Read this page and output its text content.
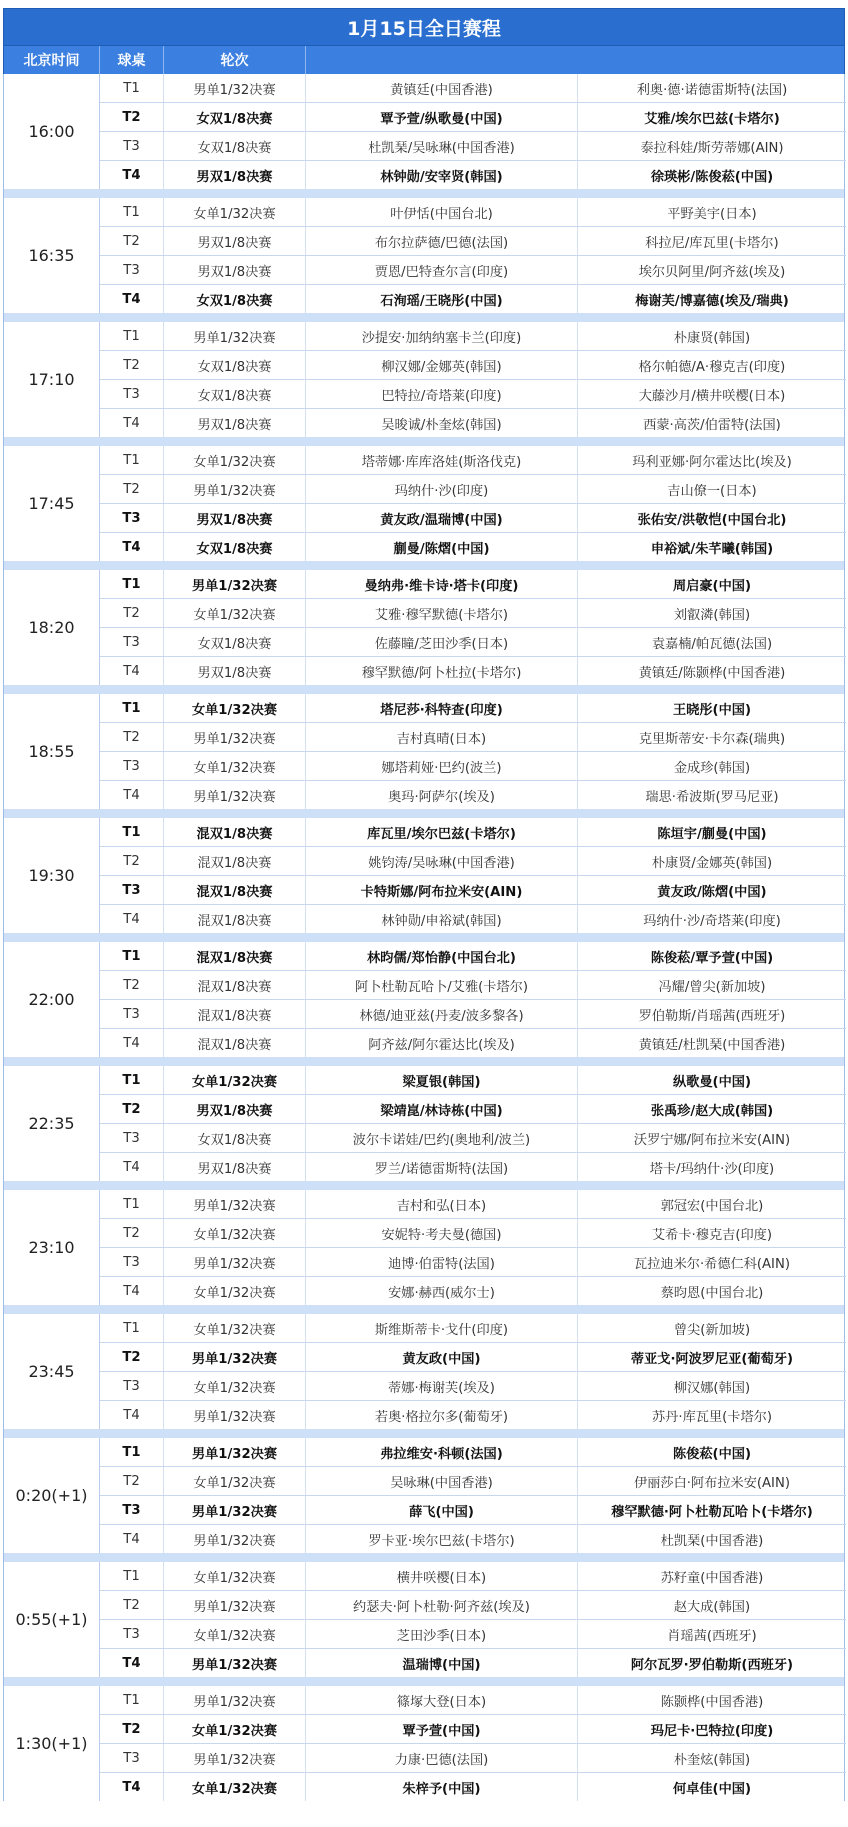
1月15日全日赛程
北京时间	球桌	轮次
16:00
T1	男单1/32决赛	黄镇廷(中国香港)	利奥·德·诺德雷斯特(法国)
T2	女双1/8决赛	覃予萱/纵歌曼(中国)	艾雅/埃尔巴兹(卡塔尔)
T3	女双1/8决赛	杜凯琹/吴咏琳(中国香港)	泰拉科娃/斯劳蒂娜(AIN)
T4	男双1/8决赛	林钟勋/安宰贤(韩国)	徐瑛彬/陈俊菘(中国)
16:35
T1	女单1/32决赛	叶伊恬(中国台北)	平野美宇(日本)
T2	男双1/8决赛	布尔拉萨德/巴德(法国)	科拉尼/库瓦里(卡塔尔)
T3	男双1/8决赛	贾恩/巴特查尔言(印度)	埃尔贝阿里/阿齐兹(埃及)
T4	女双1/8决赛	石洵瑶/王晓彤(中国)	梅谢芙/博嘉德(埃及/瑞典)
17:10
T1	男单1/32决赛	沙提安·加纳纳塞卡兰(印度)	朴康贤(韩国)
T2	女双1/8决赛	柳汉娜/金娜英(韩国)	格尔帕德/A·穆克吉(印度)
T3	女双1/8决赛	巴特拉/奇塔莱(印度)	大藤沙月/横井咲樱(日本)
T4	男双1/8决赛	吴晙诚/朴奎炫(韩国)	西蒙·高茨/伯雷特(法国)
17:45
T1	女单1/32决赛	塔蒂娜·库库洛娃(斯洛伐克)	玛利亚娜·阿尔霍达比(埃及)
T2	男单1/32决赛	玛纳什·沙(印度)	吉山僚一(日本)
T3	男双1/8决赛	黄友政/温瑞博(中国)	张佑安/洪敬恺(中国台北)
T4	女双1/8决赛	蒯曼/陈熠(中国)	申裕斌/朱芊曦(韩国)
18:20
T1	男单1/32决赛	曼纳弗·维卡诗·塔卡(印度)	周启豪(中国)
T2	女单1/32决赛	艾雅·穆罕默德(卡塔尔)	刘叡潾(韩国)
T3	女双1/8决赛	佐藤瞳/芝田沙季(日本)	袁嘉楠/帕瓦德(法国)
T4	男双1/8决赛	穆罕默德/阿卜杜拉(卡塔尔)	黄镇廷/陈颢桦(中国香港)
18:55
T1	女单1/32决赛	塔尼莎·科特查(印度)	王晓彤(中国)
T2	男单1/32决赛	吉村真晴(日本)	克里斯蒂安·卡尔森(瑞典)
T3	女单1/32决赛	娜塔莉娅·巴约(波兰)	金成珍(韩国)
T4	男单1/32决赛	奥玛·阿萨尔(埃及)	瑞思·希波斯(罗马尼亚)
19:30
T1	混双1/8决赛	库瓦里/埃尔巴兹(卡塔尔)	陈垣宇/蒯曼(中国)
T2	混双1/8决赛	姚钧涛/吴咏琳(中国香港)	朴康贤/金娜英(韩国)
T3	混双1/8决赛	卡特斯娜/阿布拉米安(AIN)	黄友政/陈熠(中国)
T4	混双1/8决赛	林钟勋/申裕斌(韩国)	玛纳什·沙/奇塔莱(印度)
22:00
T1	混双1/8决赛	林昀儒/郑怡静(中国台北)	陈俊菘/覃予萱(中国)
T2	混双1/8决赛	阿卜杜勒瓦哈卜/艾雅(卡塔尔)	冯耀/曾尖(新加坡)
T3	混双1/8决赛	林德/迪亚兹(丹麦/波多黎各)	罗伯勒斯/肖瑶茜(西班牙)
T4	混双1/8决赛	阿齐兹/阿尔霍达比(埃及)	黄镇廷/杜凯琹(中国香港)
22:35
T1	女单1/32决赛	梁夏银(韩国)	纵歌曼(中国)
T2	男双1/8决赛	梁靖崑/林诗栋(中国)	张禹珍/赵大成(韩国)
T3	女双1/8决赛	波尔卡诺娃/巴约(奥地利/波兰)	沃罗宁娜/阿布拉米安(AIN)
T4	男双1/8决赛	罗兰/诺德雷斯特(法国)	塔卡/玛纳什·沙(印度)
23:10
T1	男单1/32决赛	吉村和弘(日本)	郭冠宏(中国台北)
T2	女单1/32决赛	安妮特·考夫曼(德国)	艾希卡·穆克吉(印度)
T3	男单1/32决赛	迪博·伯雷特(法国)	瓦拉迪米尔·希德仁科(AIN)
T4	女单1/32决赛	安娜·赫西(威尔士)	蔡昀恩(中国台北)
23:45
T1	女单1/32决赛	斯维斯蒂卡·戈什(印度)	曾尖(新加坡)
T2	男单1/32决赛	黄友政(中国)	蒂亚戈·阿波罗尼亚(葡萄牙)
T3	女单1/32决赛	蒂娜·梅谢芙(埃及)	柳汉娜(韩国)
T4	男单1/32决赛	若奥·格拉尔多(葡萄牙)	苏丹·库瓦里(卡塔尔)
0:20(+1)
T1	男单1/32决赛	弗拉维安·科顿(法国)	陈俊菘(中国)
T2	女单1/32决赛	吴咏琳(中国香港)	伊丽莎白·阿布拉米安(AIN)
T3	男单1/32决赛	薛飞(中国)	穆罕默德·阿卜杜勒瓦哈卜(卡塔尔)
T4	男单1/32决赛	罗卡亚·埃尔巴兹(卡塔尔)	杜凯琹(中国香港)
0:55(+1)
T1	女单1/32决赛	横井咲樱(日本)	苏籽童(中国香港)
T2	男单1/32决赛	约瑟夫·阿卜杜勒·阿齐兹(埃及)	赵大成(韩国)
T3	女单1/32决赛	芝田沙季(日本)	肖瑶茜(西班牙)
T4	男单1/32决赛	温瑞博(中国)	阿尔瓦罗·罗伯勒斯(西班牙)
1:30(+1)
T1	男单1/32决赛	篠塚大登(日本)	陈颢桦(中国香港)
T2	女单1/32决赛	覃予萱(中国)	玛尼卡·巴特拉(印度)
T3	男单1/32决赛	力康·巴德(法国)	朴奎炫(韩国)
T4	女单1/32决赛	朱梓予(中国)	何卓佳(中国)
